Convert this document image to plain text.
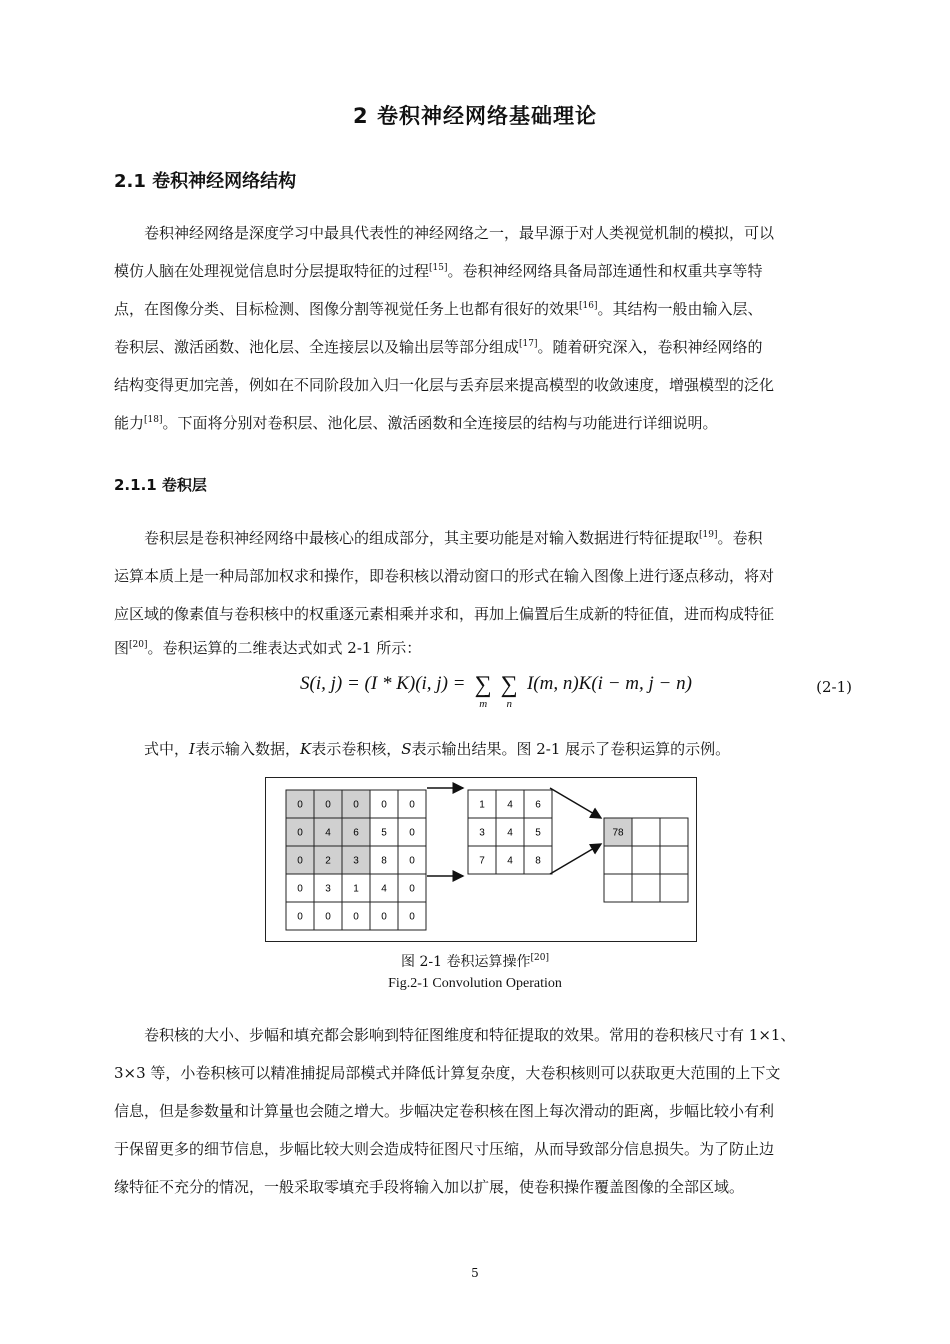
2 卷积神经网络基础理论
2.1 卷积神经网络结构
卷积神经网络是深度学习中最具代表性的神经网络之一，最早源于对人类视觉机制的模拟，可以
模仿人脑在处理视觉信息时分层提取特征的过程[15]。卷积神经网络具备局部连通性和权重共享等特
点，在图像分类、目标检测、图像分割等视觉任务上也都有很好的效果[16]。其结构一般由输入层、
卷积层、激活函数、池化层、全连接层以及输出层等部分组成[17]。随着研究深入，卷积神经网络的
结构变得更加完善，例如在不同阶段加入归一化层与丢弃层来提高模型的收敛速度，增强模型的泛化
能力[18]。下面将分别对卷积层、池化层、激活函数和全连接层的结构与功能进行详细说明。
2.1.1 卷积层
卷积层是卷积神经网络中最核心的组成部分，其主要功能是对输入数据进行特征提取[19]。卷积
运算本质上是一种局部加权求和操作，即卷积核以滑动窗口的形式在输入图像上进行逐点移动，将对
应区域的像素值与卷积核中的权重逐元素相乘并求和，再加上偏置后生成新的特征值，进而构成特征
图[20]。卷积运算的二维表达式如式 2-1 所示：
S(i, j) = (I * K)(i, j) = ∑
m
∑
n
I(m, n)K(i − m, j − n)	(2-1)
式中，I表示输入数据，K表示卷积核，S表示输出结果。图 2-1 展示了卷积运算的示例。
0 0 0 0 0
0 4 6 5 0
0 2 3 8 0
0 3 1 4 0
0 0 0 0 0
1 4 6
3 4 5
7 4 8
78
图 2-1 卷积运算操作[20]
Fig.2-1 Convolution Operation
卷积核的大小、步幅和填充都会影响到特征图维度和特征提取的效果。常用的卷积核尺寸有 1×1、
3×3 等，小卷积核可以精准捕捉局部模式并降低计算复杂度，大卷积核则可以获取更大范围的上下文
信息，但是参数量和计算量也会随之增大。步幅决定卷积核在图上每次滑动的距离，步幅比较小有利
于保留更多的细节信息，步幅比较大则会造成特征图尺寸压缩，从而导致部分信息损失。为了防止边
缘特征不充分的情况，一般采取零填充手段将输入加以扩展，使卷积操作覆盖图像的全部区域。
5
